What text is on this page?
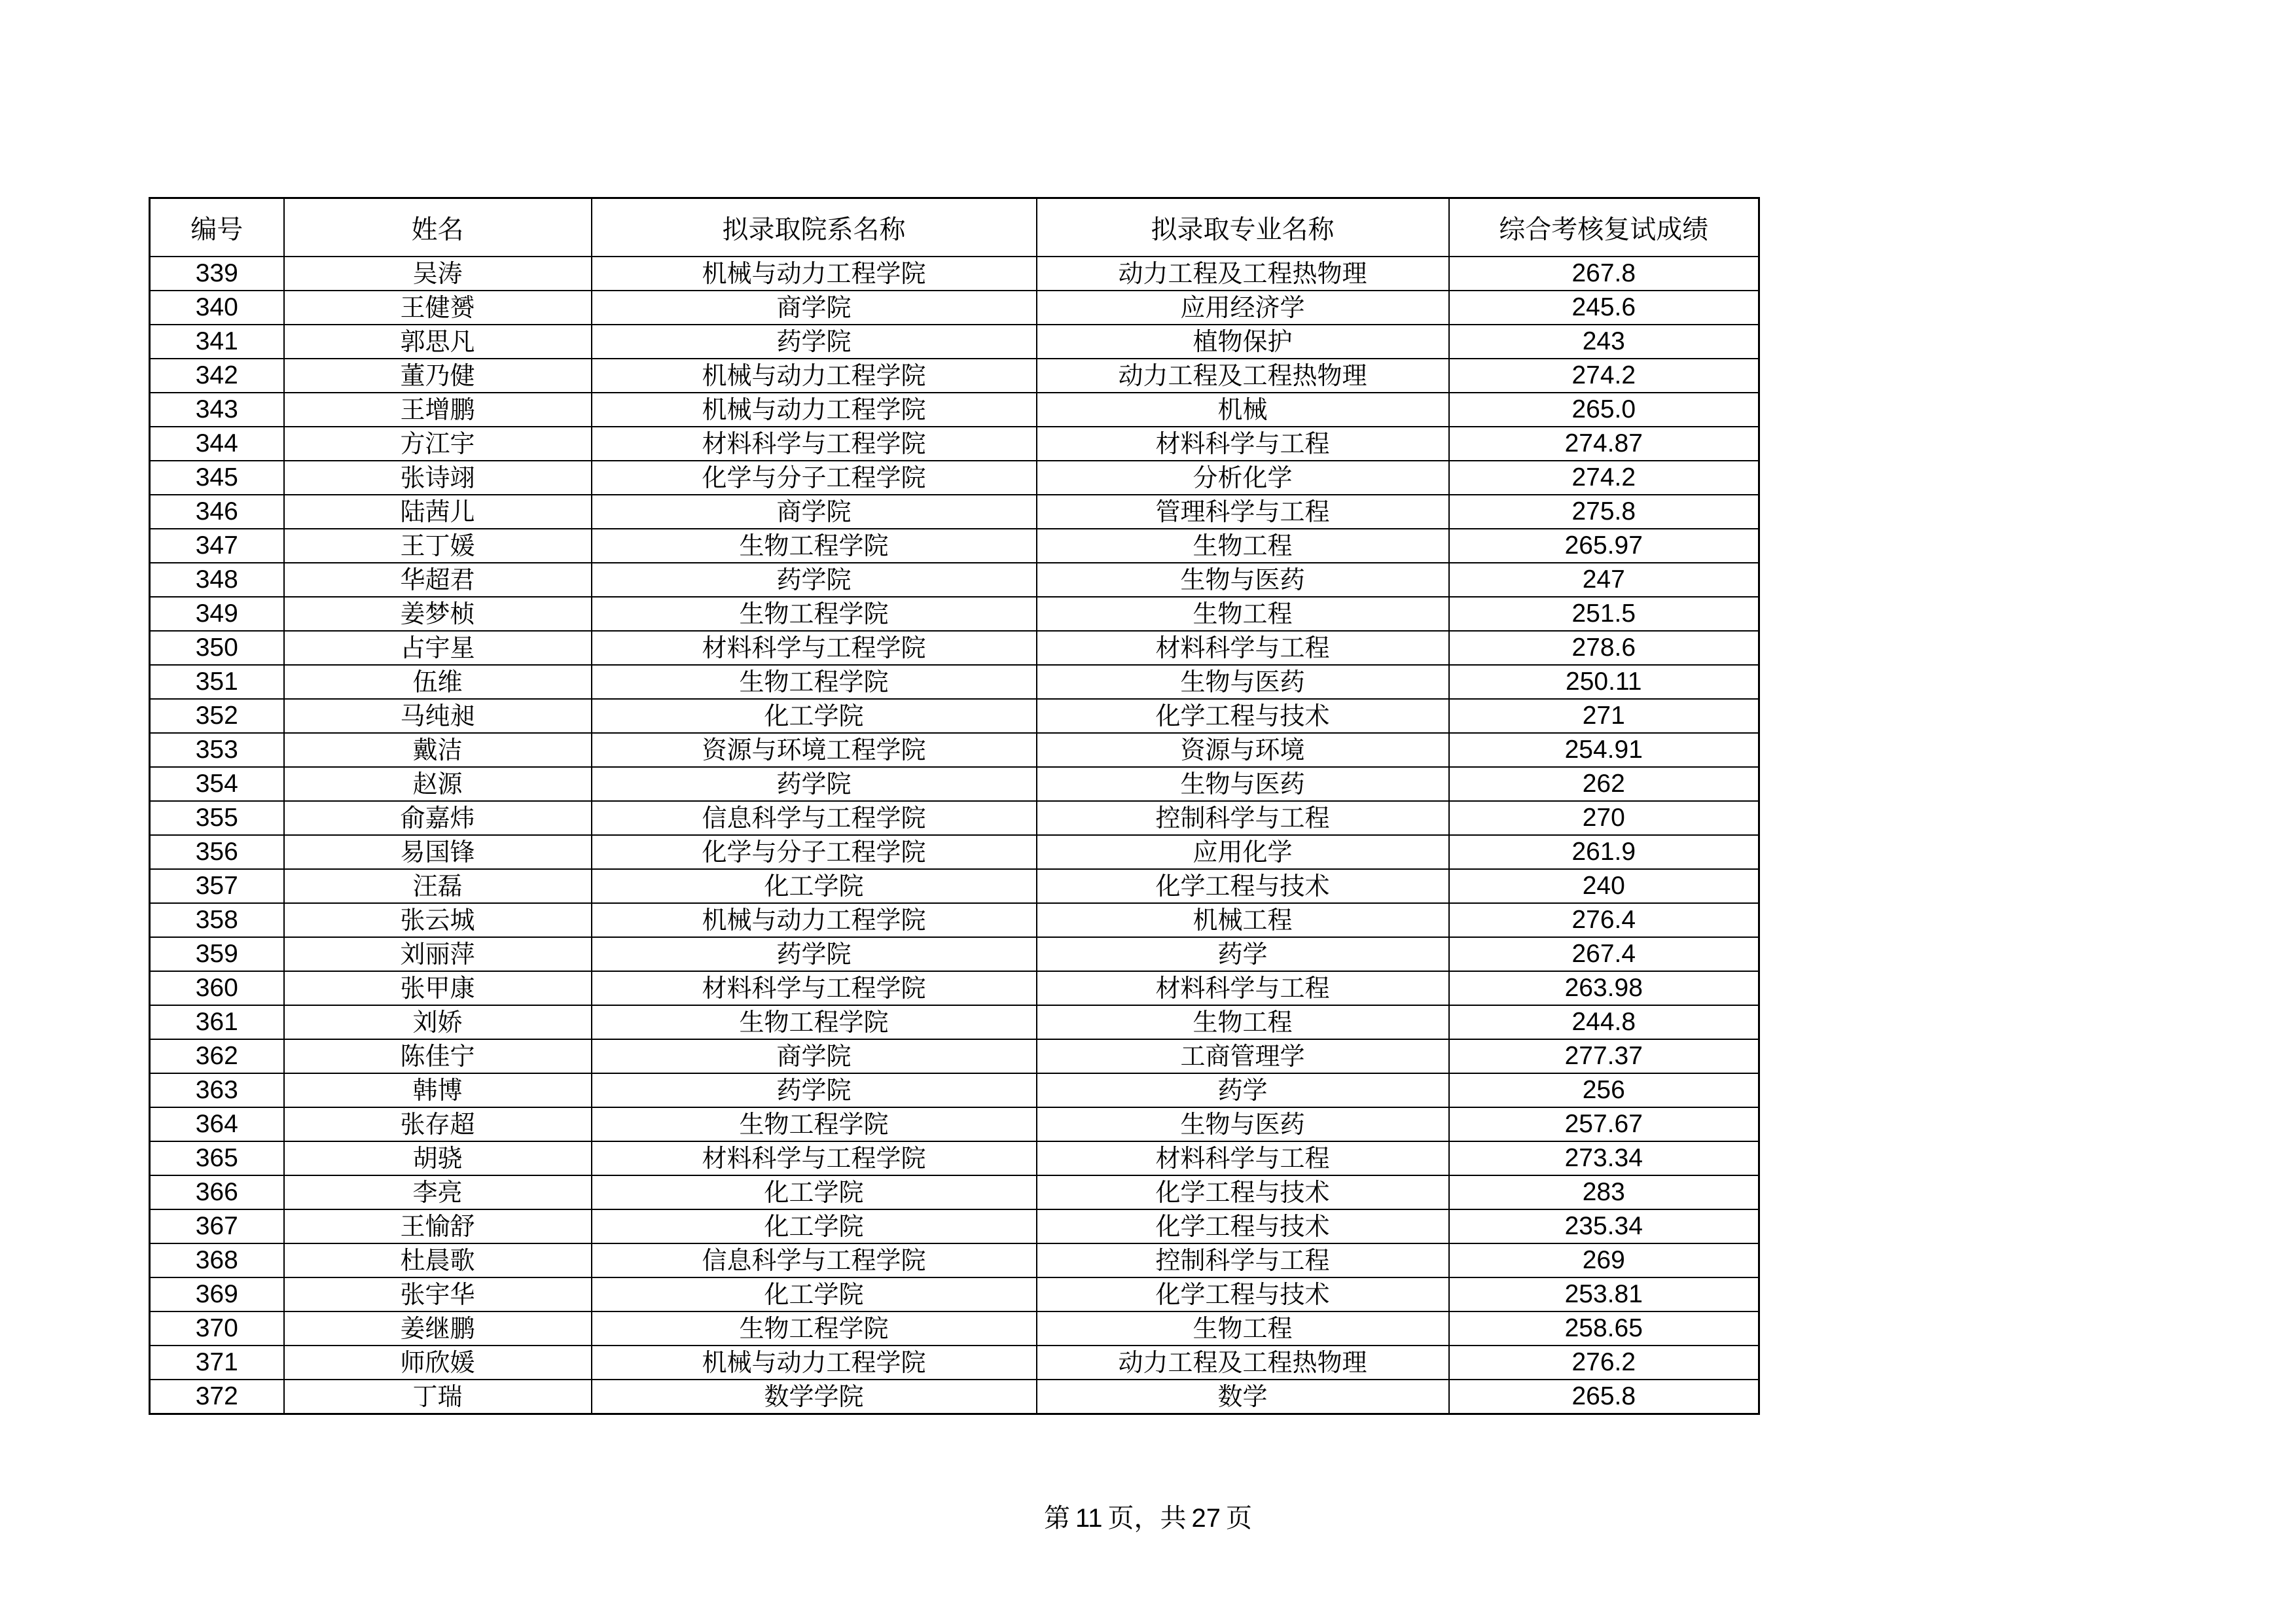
编号	姓名	拟录取院系名称	拟录取专业名称	综合考核复试成绩
339	吴涛	机械与动力工程学院	动力工程及工程热物理	267.8
340	王健赟	商学院	应用经济学	245.6
341	郭思凡	药学院	植物保护	243
342	董乃健	机械与动力工程学院	动力工程及工程热物理	274.2
343	王增鹏	机械与动力工程学院	机械	265.0
344	方江宇	材料科学与工程学院	材料科学与工程	274.87
345	张诗翊	化学与分子工程学院	分析化学	274.2
346	陆茜儿	商学院	管理科学与工程	275.8
347	王丁媛	生物工程学院	生物工程	265.97
348	华超君	药学院	生物与医药	247
349	姜梦桢	生物工程学院	生物工程	251.5
350	占宇星	材料科学与工程学院	材料科学与工程	278.6
351	伍维	生物工程学院	生物与医药	250.11
352	马纯昶	化工学院	化学工程与技术	271
353	戴洁	资源与环境工程学院	资源与环境	254.91
354	赵源	药学院	生物与医药	262
355	俞嘉炜	信息科学与工程学院	控制科学与工程	270
356	易国锋	化学与分子工程学院	应用化学	261.9
357	汪磊	化工学院	化学工程与技术	240
358	张云城	机械与动力工程学院	机械工程	276.4
359	刘丽萍	药学院	药学	267.4
360	张甲康	材料科学与工程学院	材料科学与工程	263.98
361	刘娇	生物工程学院	生物工程	244.8
362	陈佳宁	商学院	工商管理学	277.37
363	韩博	药学院	药学	256
364	张存超	生物工程学院	生物与医药	257.67
365	胡骁	材料科学与工程学院	材料科学与工程	273.34
366	李亮	化工学院	化学工程与技术	283
367	王愉舒	化工学院	化学工程与技术	235.34
368	杜晨歌	信息科学与工程学院	控制科学与工程	269
369	张宇华	化工学院	化学工程与技术	253.81
370	姜继鹏	生物工程学院	生物工程	258.65
371	师欣媛	机械与动力工程学院	动力工程及工程热物理	276.2
372	丁瑞	数学学院	数学	265.8
第 11 页，共 27 页
